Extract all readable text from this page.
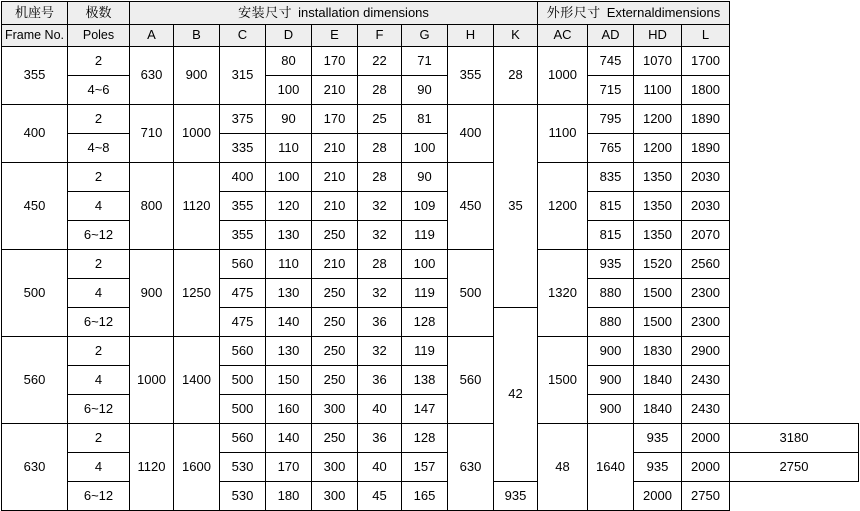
机座号	极数	安装尺寸 installation dimensions									外形尺寸 Externaldimensions				
Frame No.	Poles	A	B	C	D	E	F	G	H	K	AC	AD	HD	L	
355	2	630	900	315	80	170	22	71	355	28	1000	745	1070	1700	
	4~6				100	210	28	90				715	1100	1800	
400	2	710	1000	375	90	170	25	81	400	35	1100	795	1200	1890	
	4~8			335	110	210	28	100				765	1200	1890	
450	2	800	1120	400	100	210	28	90	450		1200	835	1350	2030	
	4			355	120	210	32	109				815	1350	2030	
	6~12			355	130	250	32	119				815	1350	2070	
500	2	900	1250	560	110	210	28	100	500		1320	935	1520	2560	
	4			475	130	250	32	119				880	1500	2300	
	6~12			475	140	250	36	128		42		880	1500	2300	
560	2	1000	1400	560	130	250	32	119	560		1500	900	1830	2900	
	4			500	150	250	36	138				900	1840	2430	
	6~12			500	160	300	40	147				900	1840	2430	
630	2	1120	1600	560	140	250	36	128	630		48	1640	935	2000	3180
	4			530	170	300	40	157					935	2000	2750
	6~12			530	180	300	45	165		935			2000	2750	
